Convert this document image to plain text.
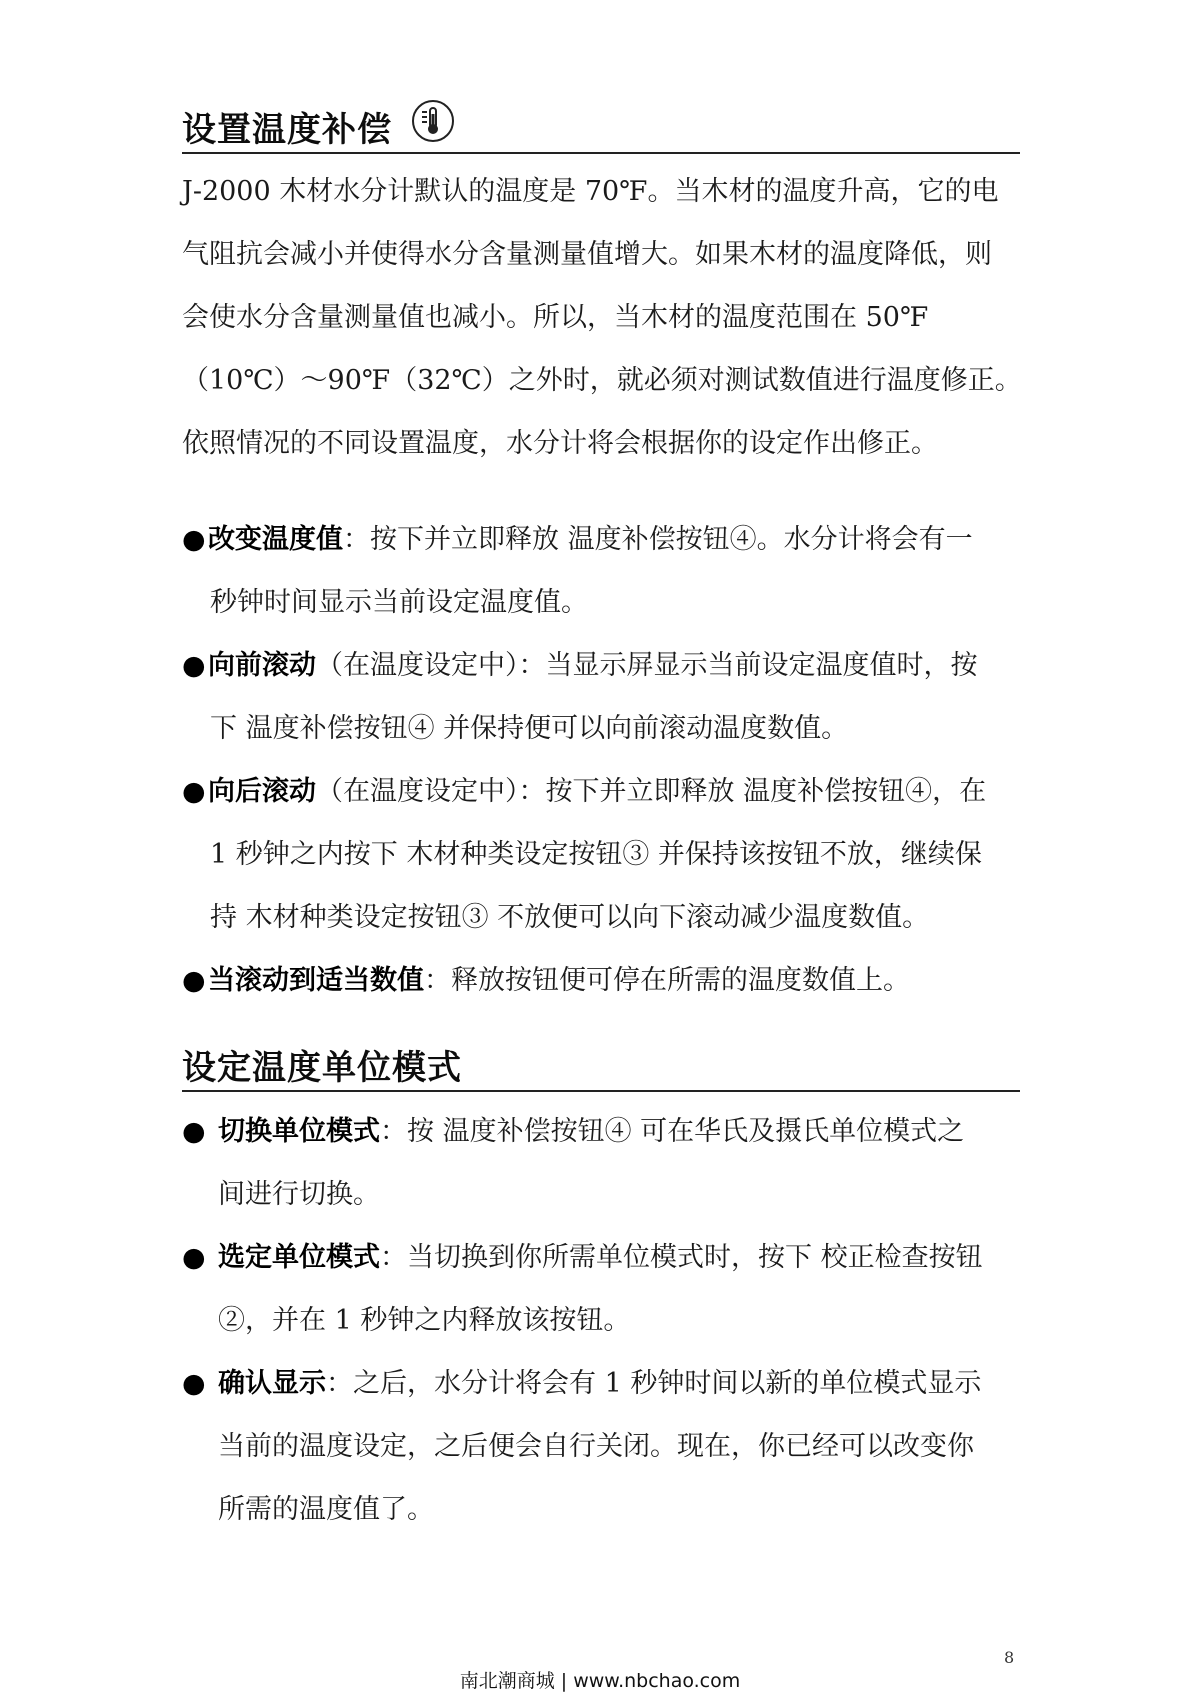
设置温度补偿
J-2000 木材水分计默认的温度是 70℉。当木材的温度升高，它的电
气阻抗会减小并使得水分含量测量值增大。如果木材的温度降低，则
会使水分含量测量值也减小。所以，当木材的温度范围在 50℉
（10℃）～90℉（32℃）之外时，就必须对测试数值进行温度修正。
依照情况的不同设置温度，水分计将会根据你的设定作出修正。
●改变温度值：按下并立即释放 温度补偿按钮④。水分计将会有一
秒钟时间显示当前设定温度值。
●向前滚动（在温度设定中）：当显示屏显示当前设定温度值时，按
下 温度补偿按钮④ 并保持便可以向前滚动温度数值。
●向后滚动（在温度设定中）：按下并立即释放 温度补偿按钮④，在
1 秒钟之内按下 木材种类设定按钮③ 并保持该按钮不放，继续保
持 木材种类设定按钮③ 不放便可以向下滚动减少温度数值。
●当滚动到适当数值：释放按钮便可停在所需的温度数值上。
设定温度单位模式
● 切换单位模式：按 温度补偿按钮④ 可在华氏及摄氏单位模式之
间进行切换。
● 选定单位模式：当切换到你所需单位模式时，按下 校正检查按钮
②，并在 1 秒钟之内释放该按钮。
● 确认显示：之后，水分计将会有 1 秒钟时间以新的单位模式显示
当前的温度设定，之后便会自行关闭。现在，你已经可以改变你
所需的温度值了。
8
南北潮商城 | www.nbchao.com
